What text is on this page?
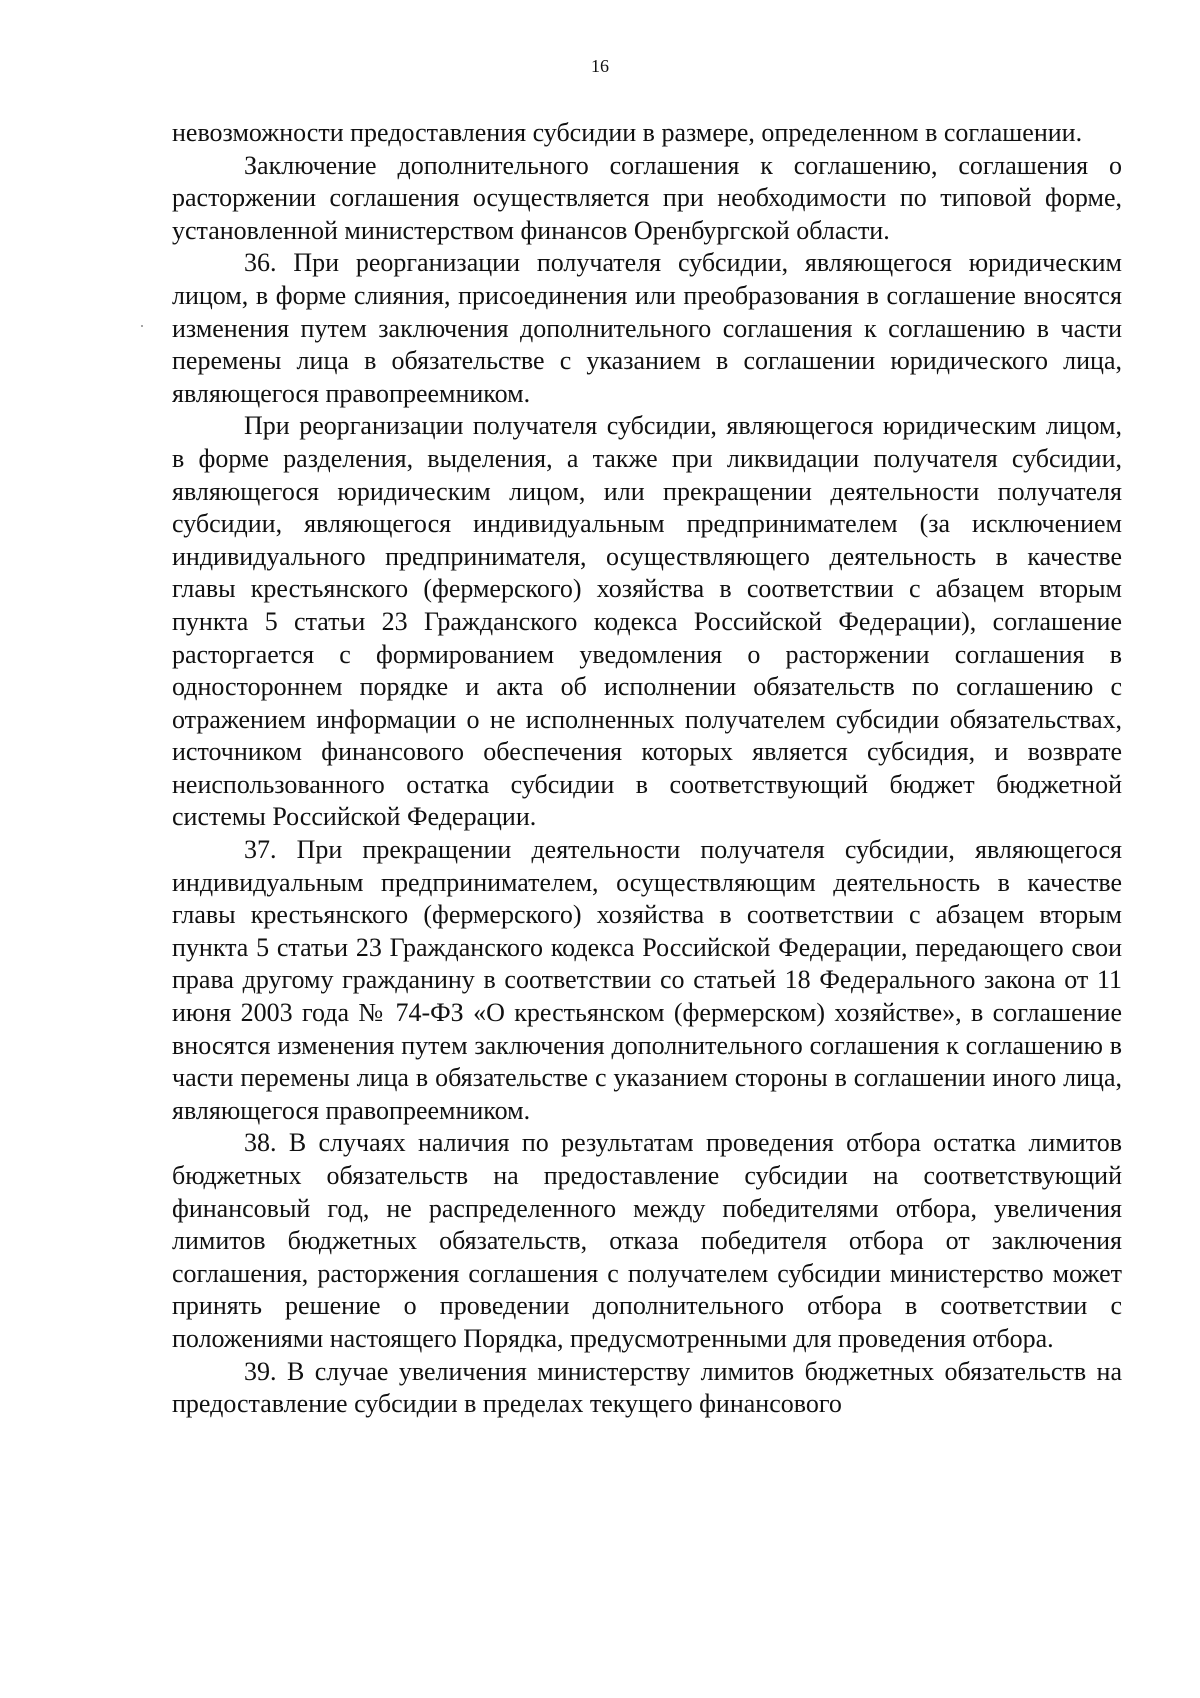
16

невозможности предоставления субсидии в размере, определенном в соглашении.

Заключение дополнительного соглашения к соглашению, соглашения о расторжении соглашения осуществляется при необходимости по типовой форме, установленной министерством финансов Оренбургской области.

36. При реорганизации получателя субсидии, являющегося юридическим лицом, в форме слияния, присоединения или преобразования в соглашение вносятся изменения путем заключения дополнительного соглашения к соглашению в части перемены лица в обязательстве с указанием в соглашении юридического лица, являющегося правопреемником.

При реорганизации получателя субсидии, являющегося юридическим лицом, в форме разделения, выделения, а также при ликвидации получателя субсидии, являющегося юридическим лицом, или прекращении деятельности получателя субсидии, являющегося индивидуальным предпринимателем (за исключением индивидуального предпринимателя, осуществляющего деятельность в качестве главы крестьянского (фермерского) хозяйства в соответствии с абзацем вторым пункта 5 статьи 23 Гражданского кодекса Российской Федерации), соглашение расторгается с формированием уведомления о расторжении соглашения в одностороннем порядке и акта об исполнении обязательств по соглашению с отражением информации о не исполненных получателем субсидии обязательствах, источником финансового обеспечения которых является субсидия, и возврате неиспользованного остатка субсидии в соответствующий бюджет бюджетной системы Российской Федерации.

37. При прекращении деятельности получателя субсидии, являющегося индивидуальным предпринимателем, осуществляющим деятельность в качестве главы крестьянского (фермерского) хозяйства в соответствии с абзацем вторым пункта 5 статьи 23 Гражданского кодекса Российской Федерации, передающего свои права другому гражданину в соответствии со статьей 18 Федерального закона от 11 июня 2003 года № 74-ФЗ «О крестьянском (фермерском) хозяйстве», в соглашение вносятся изменения путем заключения дополнительного соглашения к соглашению в части перемены лица в обязательстве с указанием стороны в соглашении иного лица, являющегося правопреемником.

38. В случаях наличия по результатам проведения отбора остатка лимитов бюджетных обязательств на предоставление субсидии на соответствующий финансовый год, не распределенного между победителями отбора, увеличения лимитов бюджетных обязательств, отказа победителя отбора от заключения соглашения, расторжения соглашения с получателем субсидии министерство может принять решение о проведении дополнительного отбора в соответствии с положениями настоящего Порядка, предусмотренными для проведения отбора.

39. В случае увеличения министерству лимитов бюджетных обязательств на предоставление субсидии в пределах текущего финансового
